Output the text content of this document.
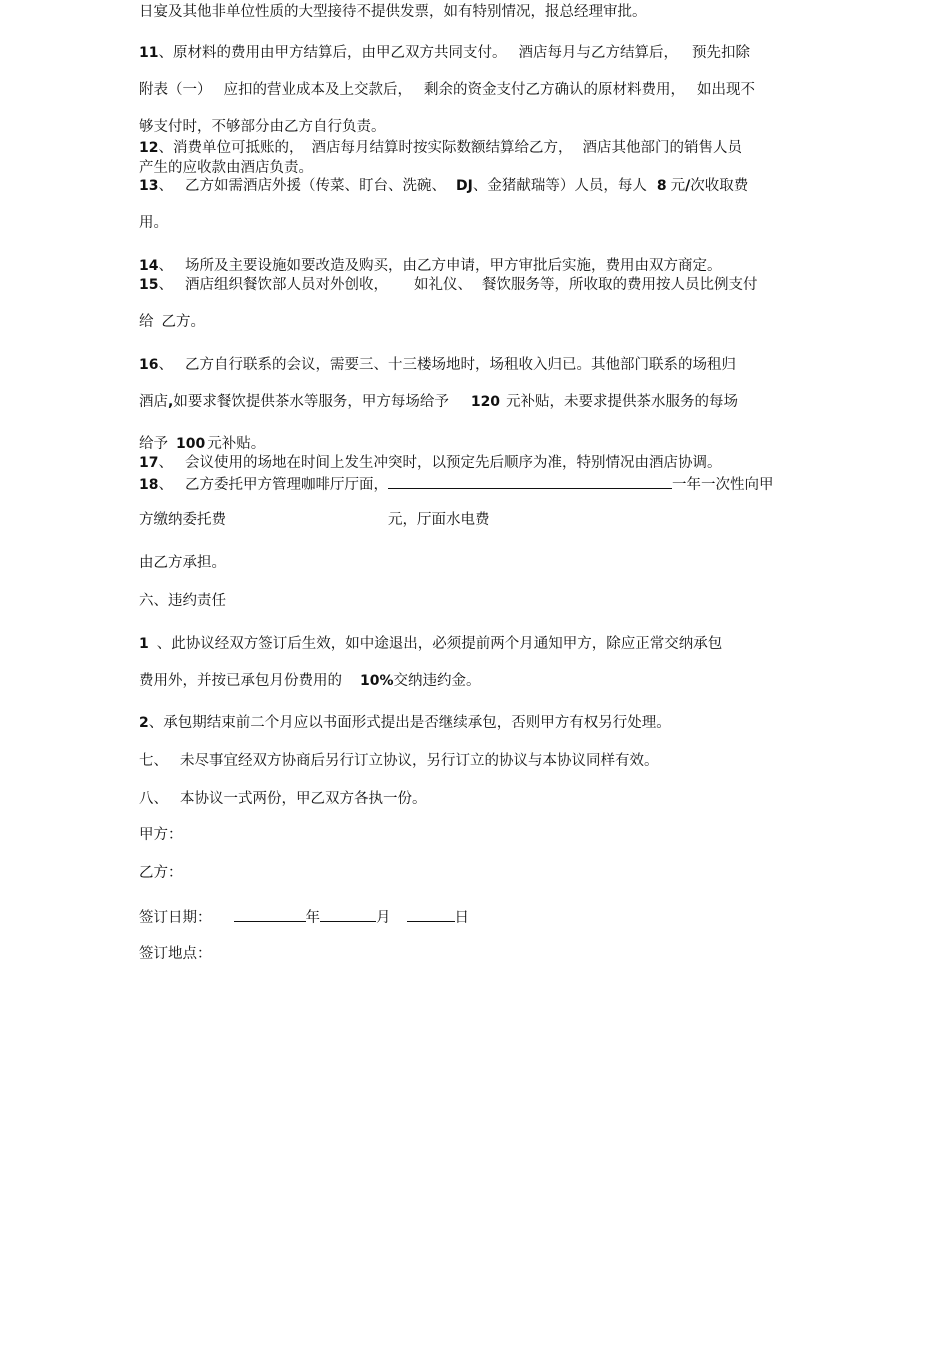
日宴及其他非单位性质的大型接待不提供发票，如有特别情况，报总经理审批。
11、原材料的费用由甲方结算后，由甲乙双方共同支付。 酒店每月与乙方结算后， 预先扣除
附表（一） 应扣的营业成本及上交款后， 剩余的资金支付乙方确认的原材料费用， 如出现不
够支付时，不够部分由乙方自行负责。
12、消费单位可抵账的， 酒店每月结算时按实际数额结算给乙方， 酒店其他部门的销售人员
产生的应收款由酒店负责。
13、 乙方如需酒店外援（传菜、盯台、洗碗、 DJ、金猪献瑞等）人员，每人 8 元/次收取费
用。
14、 场所及主要设施如要改造及购买，由乙方申请，甲方审批后实施，费用由双方商定。
15、 酒店组织餐饮部人员对外创收， 如礼仪、 餐饮服务等，所收取的费用按人员比例支付
给 乙方。
16、 乙方自行联系的会议，需要三、十三楼场地时，场租收入归已。其他部门联系的场租归
酒店,如要求餐饮提供茶水等服务，甲方每场给予 120 元补贴，未要求提供茶水服务的每场
给予 100 元补贴。
17、 会议使用的场地在时间上发生冲突时，以预定先后顺序为准，特别情况由酒店协调。
18、 乙方委托甲方管理咖啡厅厅面，	一年一次性向甲
方缴纳委托费	元，厅面水电费
由乙方承担。
六、违约责任
1 、此协议经双方签订后生效，如中途退出，必须提前两个月通知甲方，除应正常交纳承包
费用外，并按已承包月份费用的 10%交纳违约金。
2、承包期结束前二个月应以书面形式提出是否继续承包，否则甲方有权另行处理。
七、 未尽事宜经双方协商后另行订立协议，另行订立的协议与本协议同样有效。
八、 本协议一式两份，甲乙双方各执一份。
甲方：
乙方：
签订日期：	年	月	日
签订地点：
